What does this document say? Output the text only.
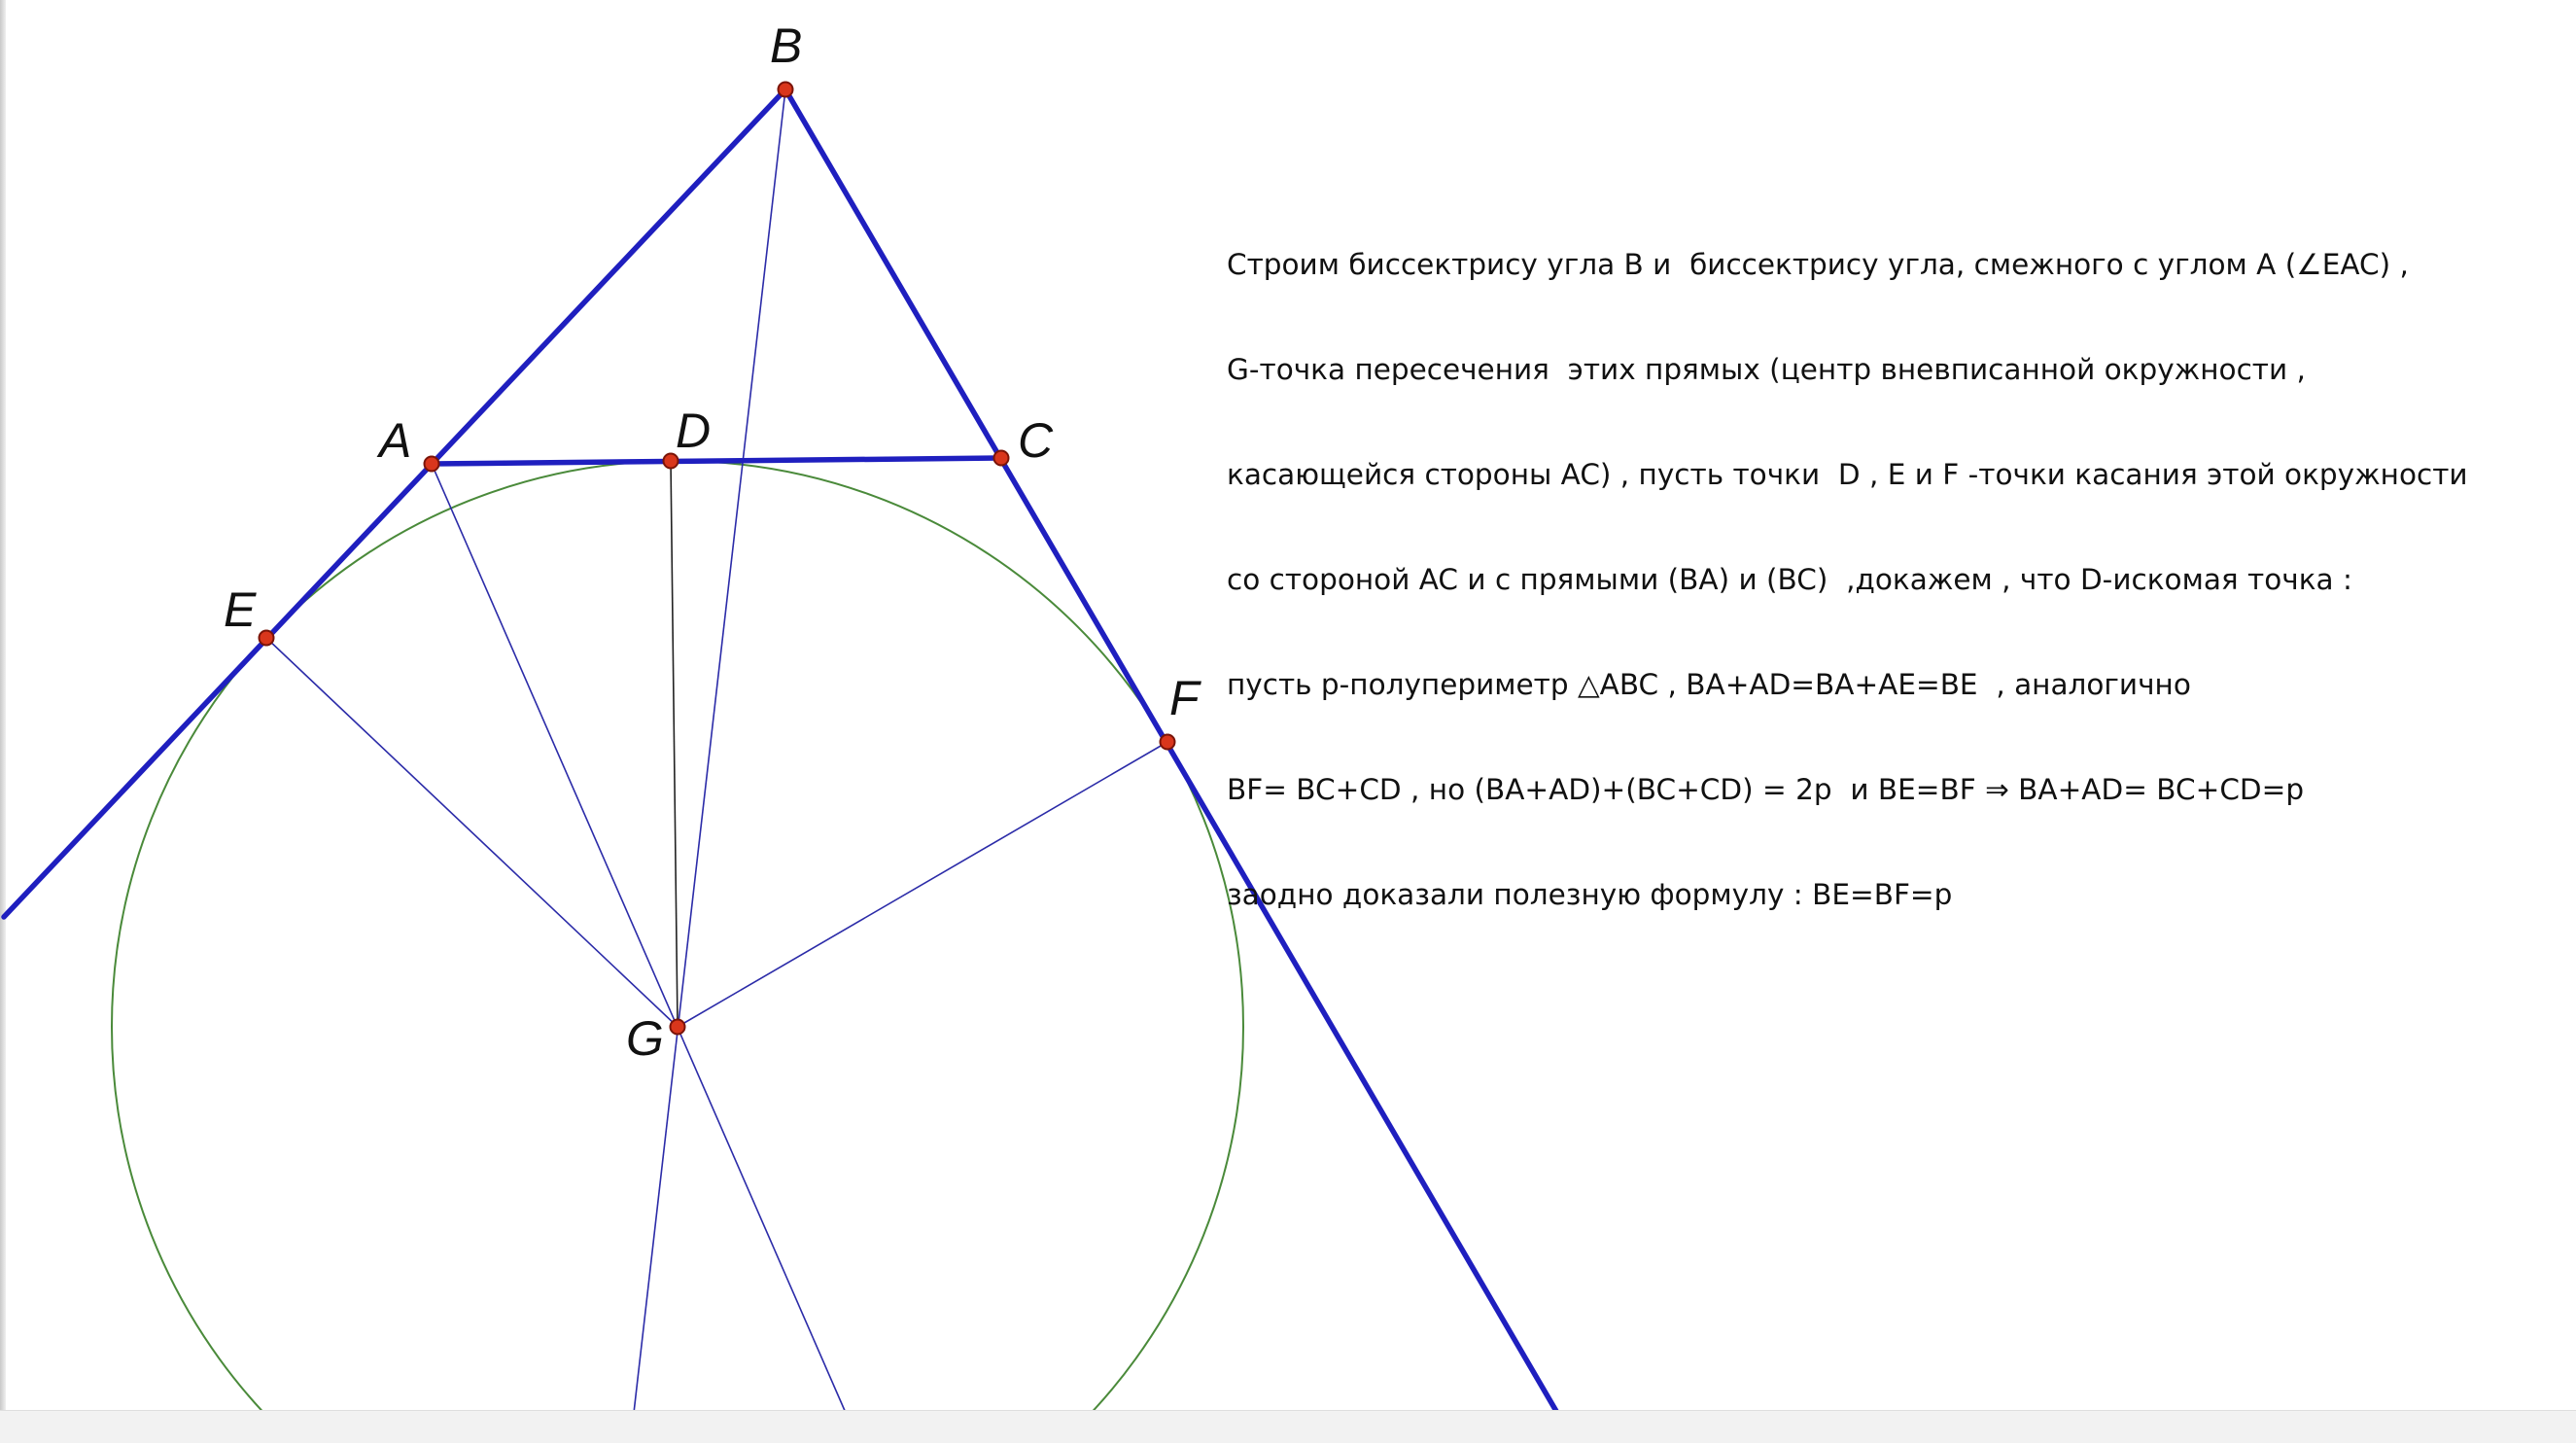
B
A	D	C
E
F
G

Строим биссектрису угла B и  биссектрису угла, смежного с углом A (∠EAC) ,

G-точка пересечения  этих прямых (центр вневписанной окружности ,

касающейся стороны AC) , пусть точки  D , E и F -точки касания этой окружности

со стороной AC и с прямыми (BA) и (BC)  ,докажем , что D-искомая точка :

пусть p-полупериметр △ABC , BA+AD=BA+AE=BE  , аналогично

BF= BC+CD , но (BA+AD)+(BC+CD) = 2p  и BE=BF ⇒ BA+AD= BC+CD=p

заодно доказали полезную формулу : BE=BF=p
